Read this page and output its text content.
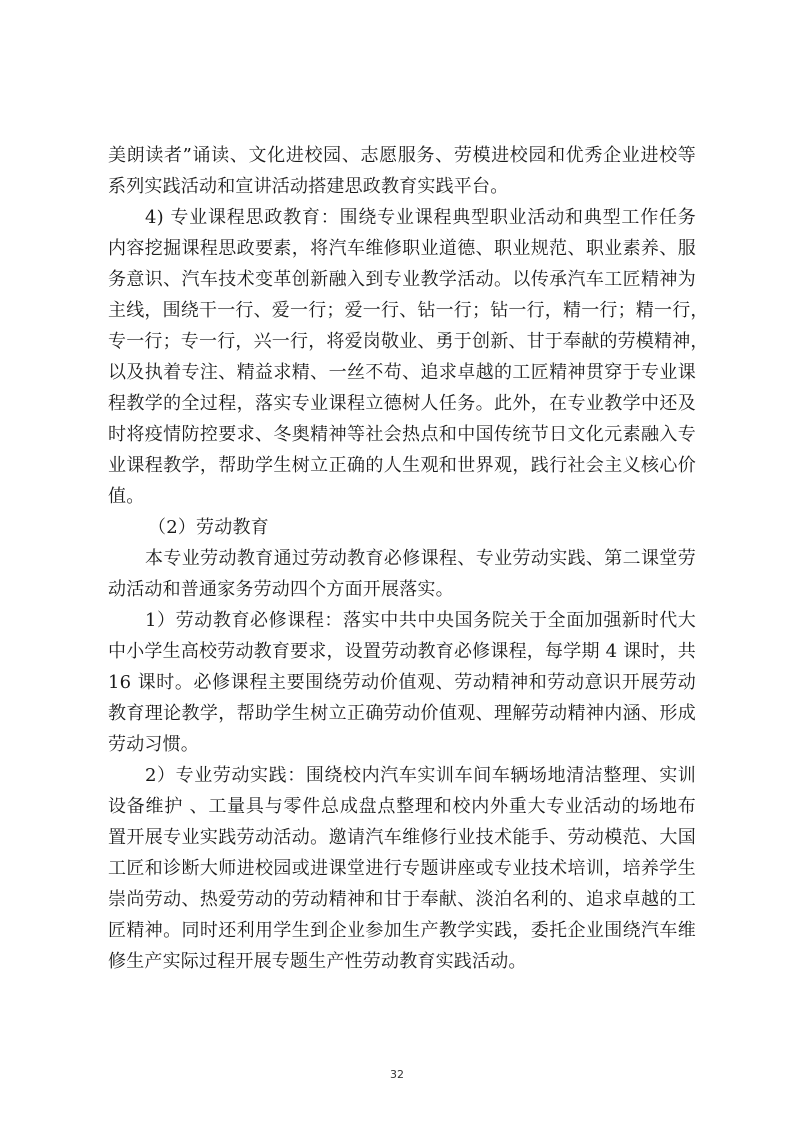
美朗读者”诵读、文化进校园、志愿服务、劳模进校园和优秀企业进校等

系列实践活动和宣讲活动搭建思政教育实践平台。

4) 专业课程思政教育：围绕专业课程典型职业活动和典型工作任务

内容挖掘课程思政要素，将汽车维修职业道德、职业规范、职业素养、服

务意识、汽车技术变革创新融入到专业教学活动。以传承汽车工匠精神为

主线，围绕干一行、爱一行；爱一行、钻一行；钻一行，精一行；精一行，

专一行；专一行，兴一行，将爱岗敬业、勇于创新、甘于奉献的劳模精神，

以及执着专注、精益求精、一丝不苟、追求卓越的工匠精神贯穿于专业课

程教学的全过程，落实专业课程立德树人任务。此外，在专业教学中还及

时将疫情防控要求、冬奥精神等社会热点和中国传统节日文化元素融入专

业课程教学，帮助学生树立正确的人生观和世界观，践行社会主义核心价

值。

（2）劳动教育

本专业劳动教育通过劳动教育必修课程、专业劳动实践、第二课堂劳

动活动和普通家务劳动四个方面开展落实。

1）劳动教育必修课程：落实中共中央国务院关于全面加强新时代大

中小学生高校劳动教育要求，设置劳动教育必修课程，每学期 4 课时，共

16 课时。必修课程主要围绕劳动价值观、劳动精神和劳动意识开展劳动

教育理论教学，帮助学生树立正确劳动价值观、理解劳动精神内涵、形成

劳动习惯。

2）专业劳动实践：围绕校内汽车实训车间车辆场地清洁整理、实训

设备维护 、工量具与零件总成盘点整理和校内外重大专业活动的场地布

置开展专业实践劳动活动。邀请汽车维修行业技术能手、劳动模范、大国

工匠和诊断大师进校园或进课堂进行专题讲座或专业技术培训，培养学生

崇尚劳动、热爱劳动的劳动精神和甘于奉献、淡泊名利的、追求卓越的工

匠精神。同时还利用学生到企业参加生产教学实践，委托企业围绕汽车维

修生产实际过程开展专题生产性劳动教育实践活动。

32
